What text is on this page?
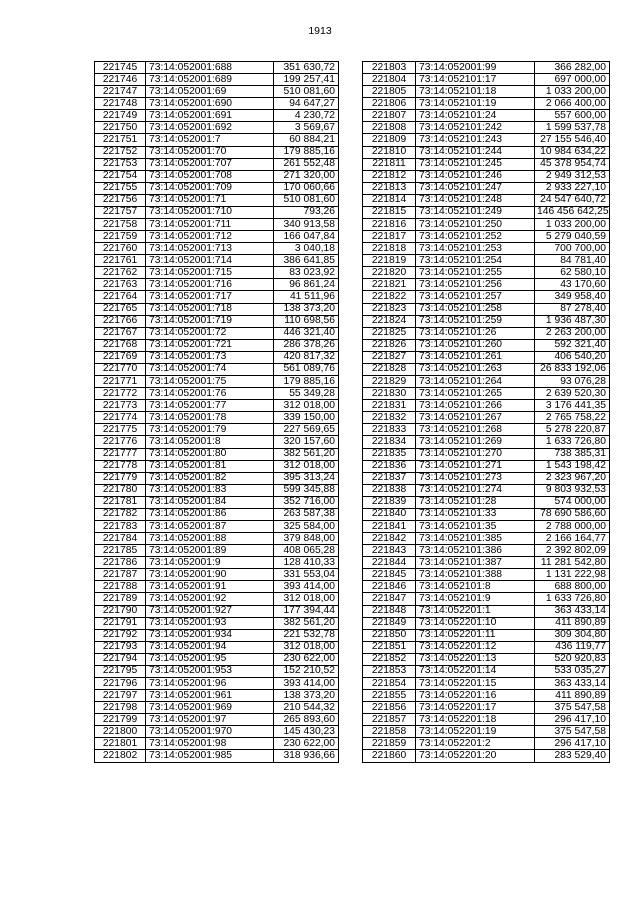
1913
221745	73:14:052001:688	351 630,72
221746	73:14:052001:689	199 257,41
221747	73:14:052001:69	510 081,60
221748	73:14:052001:690	94 647,27
221749	73:14:052001:691	4 230,72
221750	73:14:052001:692	3 569,67
221751	73:14:052001:7	60 884,21
221752	73:14:052001:70	179 885,16
221753	73:14:052001:707	261 552,48
221754	73:14:052001:708	271 320,00
221755	73:14:052001:709	170 060,66
221756	73:14:052001:71	510 081,60
221757	73:14:052001:710	793,26
221758	73:14:052001:711	340 913,58
221759	73:14:052001:712	166 047,84
221760	73:14:052001:713	3 040,18
221761	73:14:052001:714	386 641,85
221762	73:14:052001:715	83 023,92
221763	73:14:052001:716	96 861,24
221764	73:14:052001:717	41 511,96
221765	73:14:052001:718	138 373,20
221766	73:14:052001:719	110 698,56
221767	73:14:052001:72	446 321,40
221768	73:14:052001:721	286 378,26
221769	73:14:052001:73	420 817,32
221770	73:14:052001:74	561 089,76
221771	73:14:052001:75	179 885,16
221772	73:14:052001:76	55 349,28
221773	73:14:052001:77	312 018,00
221774	73:14:052001:78	339 150,00
221775	73:14:052001:79	227 569,65
221776	73:14:052001:8	320 157,60
221777	73:14:052001:80	382 561,20
221778	73:14:052001:81	312 018,00
221779	73:14:052001:82	395 313,24
221780	73:14:052001:83	599 345,88
221781	73:14:052001:84	352 716,00
221782	73:14:052001:86	263 587,38
221783	73:14:052001:87	325 584,00
221784	73:14:052001:88	379 848,00
221785	73:14:052001:89	408 065,28
221786	73:14:052001:9	128 410,33
221787	73:14:052001:90	331 553,04
221788	73:14:052001:91	393 414,00
221789	73:14:052001:92	312 018,00
221790	73:14:052001:927	177 394,44
221791	73:14:052001:93	382 561,20
221792	73:14:052001:934	221 532,78
221793	73:14:052001:94	312 018,00
221794	73:14:052001:95	230 622,00
221795	73:14:052001:953	152 210,52
221796	73:14:052001:96	393 414,00
221797	73:14:052001:961	138 373,20
221798	73:14:052001:969	210 544,32
221799	73:14:052001:97	265 893,60
221800	73:14:052001:970	145 430,23
221801	73:14:052001:98	230 622,00
221802	73:14:052001:985	318 936,66
221803	73:14:052001:99	366 282,00
221804	73:14:052101:17	697 000,00
221805	73:14:052101:18	1 033 200,00
221806	73:14:052101:19	2 066 400,00
221807	73:14:052101:24	557 600,00
221808	73:14:052101:242	1 599 537,78
221809	73:14:052101:243	27 155 546,40
221810	73:14:052101:244	10 984 634,22
221811	73:14:052101:245	45 378 954,74
221812	73:14:052101:246	2 949 312,53
221813	73:14:052101:247	2 933 227,10
221814	73:14:052101:248	24 547 640,72
221815	73:14:052101:249	146 456 642,25
221816	73:14:052101:250	1 033 200,00
221817	73:14:052101:252	5 279 040,59
221818	73:14:052101:253	700 700,00
221819	73:14:052101:254	84 781,40
221820	73:14:052101:255	62 580,10
221821	73:14:052101:256	43 170,60
221822	73:14:052101:257	349 958,40
221823	73:14:052101:258	87 278,40
221824	73:14:052101:259	1 936 487,30
221825	73:14:052101:26	2 263 200,00
221826	73:14:052101:260	592 321,40
221827	73:14:052101:261	406 540,20
221828	73:14:052101:263	26 833 192,06
221829	73:14:052101:264	93 076,28
221830	73:14:052101:265	2 639 520,30
221831	73:14:052101:266	3 176 441,35
221832	73:14:052101:267	2 765 758,22
221833	73:14:052101:268	5 278 220,87
221834	73:14:052101:269	1 633 726,80
221835	73:14:052101:270	738 385,31
221836	73:14:052101:271	1 543 198,42
221837	73:14:052101:273	2 323 967,20
221838	73:14:052101:274	9 803 932,53
221839	73:14:052101:28	574 000,00
221840	73:14:052101:33	78 690 586,60
221841	73:14:052101:35	2 788 000,00
221842	73:14:052101:385	2 166 164,77
221843	73:14:052101:386	2 392 802,09
221844	73:14:052101:387	11 281 542,80
221845	73:14:052101:388	1 131 222,98
221846	73:14:052101:8	688 800,00
221847	73:14:052101:9	1 633 726,80
221848	73:14:052201:1	363 433,14
221849	73:14:052201:10	411 890,89
221850	73:14:052201:11	309 304,80
221851	73:14:052201:12	436 119,77
221852	73:14:052201:13	520 920,83
221853	73:14:052201:14	533 035,27
221854	73:14:052201:15	363 433,14
221855	73:14:052201:16	411 890,89
221856	73:14:052201:17	375 547,58
221857	73:14:052201:18	296 417,10
221858	73:14:052201:19	375 547,58
221859	73:14:052201:2	296 417,10
221860	73:14:052201:20	283 529,40
